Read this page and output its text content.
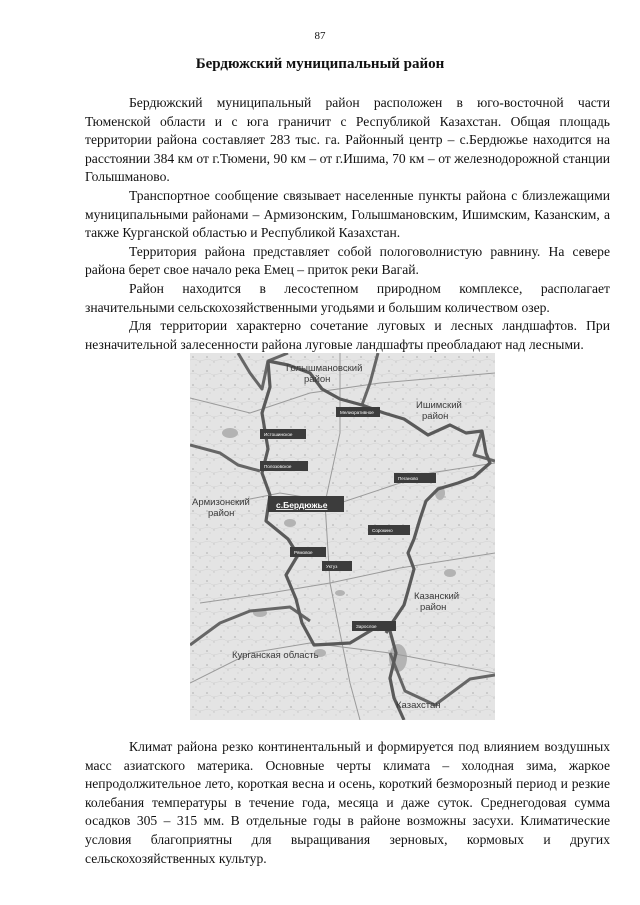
87
Бердюжский муниципальный район

Бердюжский муниципальный район расположен в юго-восточной части Тюменской области и с юга граничит с Республикой Казахстан. Общая площадь территории района составляет 283 тыс. га. Районный центр – с.Бердюжье находится на расстоянии 384 км от г.Тюмени, 90 км – от г.Ишима, 70 км – от железнодорожной станции Голышманово.

Транспортное сообщение связывает населенные пункты района с близлежащими муниципальными районами – Армизонским, Голышмановским, Ишимским, Казанским, а также Курганской областью и Республикой Казахстан.

Территория района представляет собой пологоволнистую равнину. На севере района берет свое начало река Емец – приток реки Вагай.

Район находится в лесостепном природном комплексе, располагает значительными сельскохозяйственными угодьями и большим количеством озер.

Для территории характерно сочетание луговых и лесных ландшафтов. При незначительной залесенности района луговые ландшафты преобладают над лесными.

Голышмановский
район
Ишимский
район
Армизонский
район
Казанский
район
Курганская область
Казахстан
Мелиоративное
Истошинское
Полозовское
Пеганово
с.Бердюжье
Сорокино
Рямовое
Уктуз
Зарослое

Климат района резко континентальный и формируется под влиянием воздушных масс азиатского материка. Основные черты климата – холодная зима, жаркое непродолжительное лето, короткая весна и осень, короткий безморозный период и резкие колебания температуры в течение года, месяца и даже суток. Среднегодовая сумма осадков 305 – 315 мм. В отдельные годы в районе возможны засухи. Климатические условия благоприятны для выращивания зерновых, кормовых и других сельскохозяйственных культур.
